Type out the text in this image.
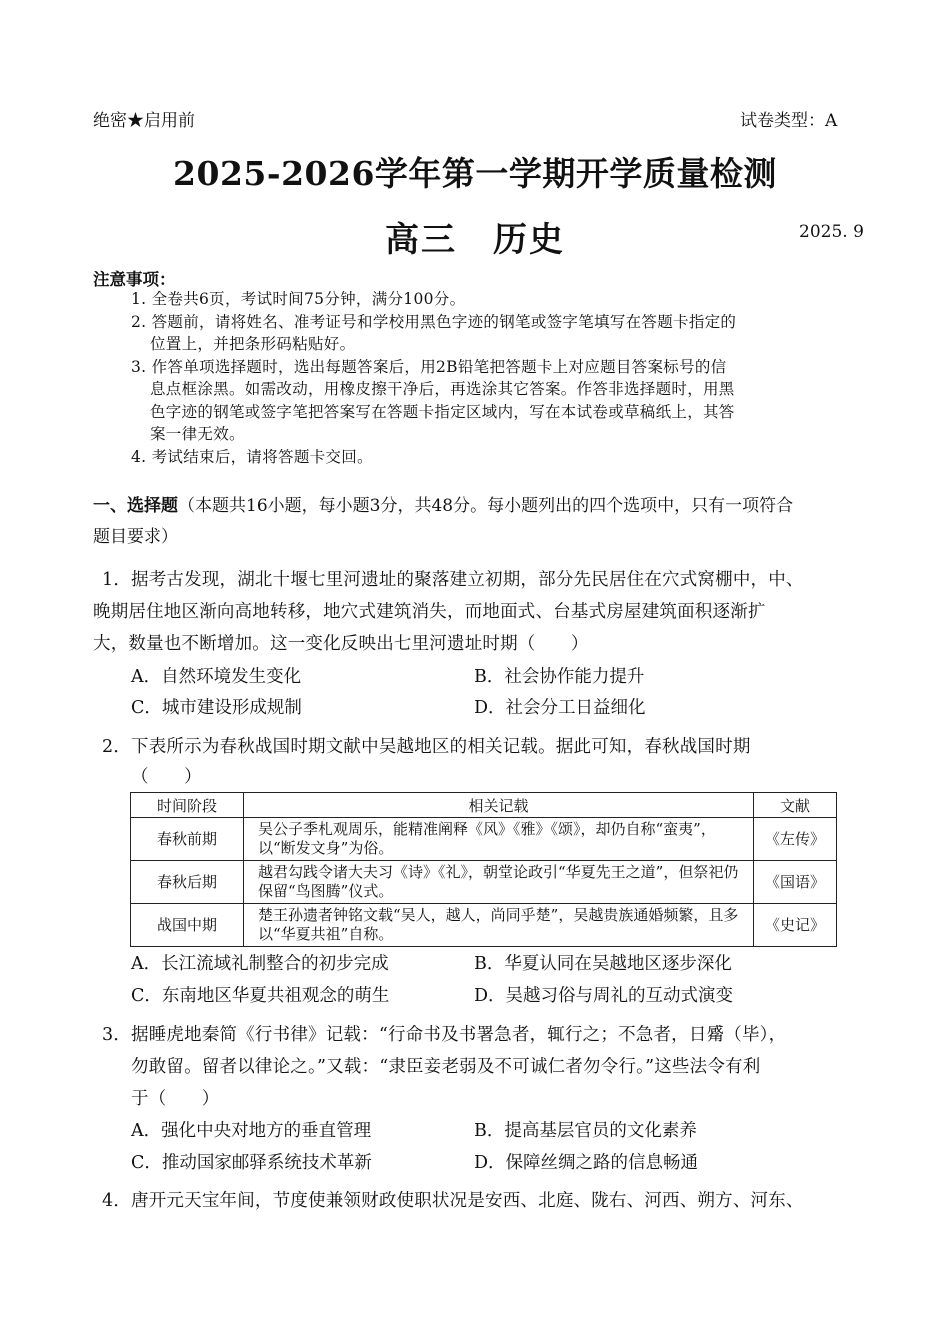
绝密★启用前	试卷类型：A
2025-2026学年第一学期开学质量检测
高三　历史	2025. 9
注意事项：
1. 全卷共6页，考试时间75分钟，满分100分。
2. 答题前，请将姓名、准考证号和学校用黑色字迹的钢笔或签字笔填写在答题卡指定的
位置上，并把条形码粘贴好。
3. 作答单项选择题时，选出每题答案后，用2B铅笔把答题卡上对应题目答案标号的信
息点框涂黑。如需改动，用橡皮擦干净后，再选涂其它答案。作答非选择题时，用黑
色字迹的钢笔或签字笔把答案写在答题卡指定区域内，写在本试卷或草稿纸上，其答
案一律无效。
4. 考试结束后，请将答题卡交回。
一、选择题（本题共16小题，每小题3分，共48分。每小题列出的四个选项中，只有一项符合
题目要求）
1．据考古发现，湖北十堰七里河遗址的聚落建立初期，部分先民居住在穴式窝棚中，中、
晚期居住地区渐向高地转移，地穴式建筑消失，而地面式、台基式房屋建筑面积逐渐扩
大，数量也不断增加。这一变化反映出七里河遗址时期（　　）
A．自然环境发生变化	B．社会协作能力提升
C．城市建设形成规制	D．社会分工日益细化
2．下表所示为春秋战国时期文献中吴越地区的相关记载。据此可知，春秋战国时期
（　　）
时间阶段	相关记载	文献
春秋前期	吴公子季札观周乐，能精准阐释《风》《雅》《颂》，却仍自称“蛮夷”，以“断发文身”为俗。	《左传》
春秋后期	越君勾践令诸大夫习《诗》《礼》，朝堂论政引“华夏先王之道”，但祭祀仍保留“鸟图腾”仪式。	《国语》
战国中期	楚王孙遗者钟铭文载“吴人，越人，尚同乎楚”，吴越贵族通婚频繁，且多以“华夏共祖”自称。	《史记》
A．长江流域礼制整合的初步完成	B．华夏认同在吴越地区逐步深化
C．东南地区华夏共祖观念的萌生	D．吴越习俗与周礼的互动式演变
3．据睡虎地秦简《行书律》记载：“行命书及书署急者，辄行之；不急者，日觱（毕），
勿敢留。留者以律论之。”又载：“隶臣妾老弱及不可诚仁者勿令行。”这些法令有利
于（　　）
A．强化中央对地方的垂直管理	B．提高基层官员的文化素养
C．推动国家邮驿系统技术革新	D．保障丝绸之路的信息畅通
4．唐开元天宝年间，节度使兼领财政使职状况是安西、北庭、陇右、河西、朔方、河东、
